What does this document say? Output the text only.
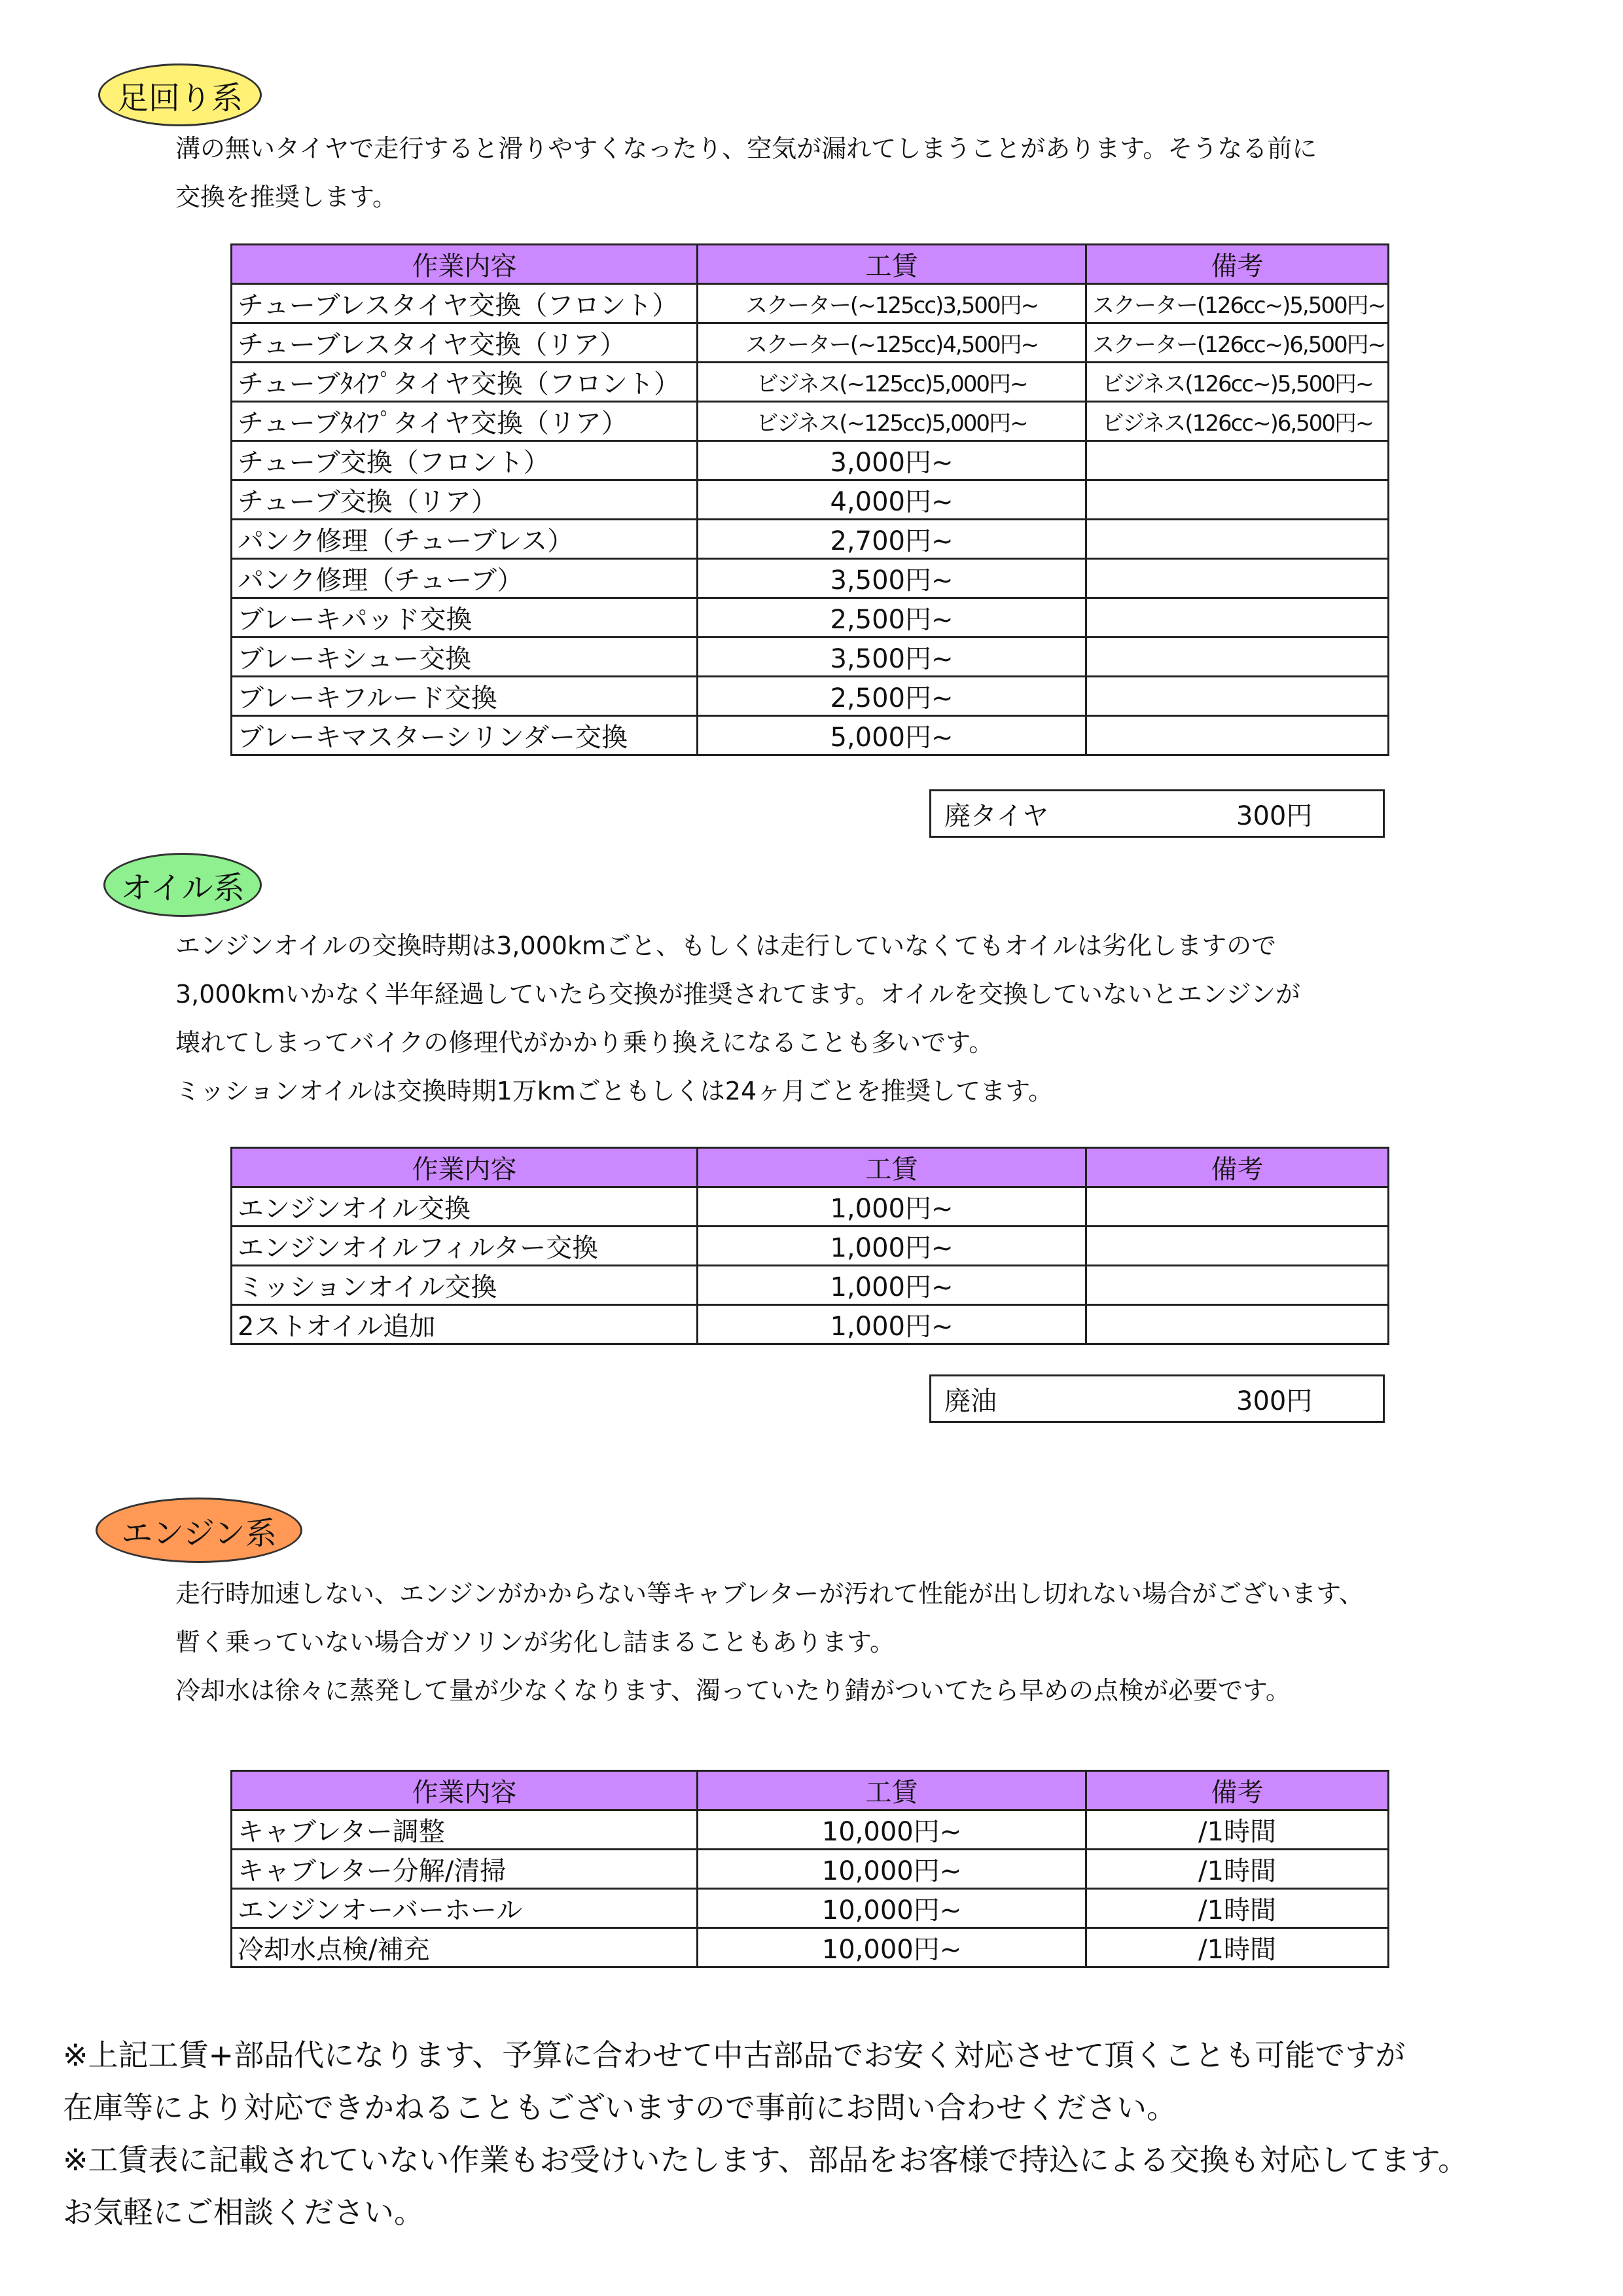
足回り系
溝の無いタイヤで走行すると滑りやすくなったり、空気が漏れてしまうことがあります。そうなる前に
交換を推奨します。
作業内容	工賃	備考
チューブレスタイヤ交換（フロント）	スクーター(~125cc)3,500円~	スクーター(126cc~)5,500円~
チューブレスタイヤ交換（リア）	スクーター(~125cc)4,500円~	スクーター(126cc~)6,500円~
チューブﾀｲﾌﾟタイヤ交換（フロント）	ビジネス(~125cc)5,000円~	ビジネス(126cc~)5,500円~
チューブﾀｲﾌﾟタイヤ交換（リア）	ビジネス(~125cc)5,000円~	ビジネス(126cc~)6,500円~
チューブ交換（フロント）	3,000円~	
チューブ交換（リア）	4,000円~	
パンク修理（チューブレス）	2,700円~	
パンク修理（チューブ）	3,500円~	
ブレーキパッド交換	2,500円~	
ブレーキシュー交換	3,500円~	
ブレーキフルード交換	2,500円~	
ブレーキマスターシリンダー交換	5,000円~	
廃タイヤ	300円
オイル系
エンジンオイルの交換時期は3,000kmごと、もしくは走行していなくてもオイルは劣化しますので
3,000kmいかなく半年経過していたら交換が推奨されてます。オイルを交換していないとエンジンが
壊れてしまってバイクの修理代がかかり乗り換えになることも多いです。
ミッションオイルは交換時期1万kmごともしくは24ヶ月ごとを推奨してます。
作業内容	工賃	備考
エンジンオイル交換	1,000円~	
エンジンオイルフィルター交換	1,000円~	
ミッションオイル交換	1,000円~	
2ストオイル追加	1,000円~	
廃油	300円
エンジン系
走行時加速しない、エンジンがかからない等キャブレターが汚れて性能が出し切れない場合がございます、
暫く乗っていない場合ガソリンが劣化し詰まることもあります。
冷却水は徐々に蒸発して量が少なくなります、濁っていたり錆がついてたら早めの点検が必要です。
作業内容	工賃	備考
キャブレター調整	10,000円~	/1時間
キャブレター分解/清掃	10,000円~	/1時間
エンジンオーバーホール	10,000円~	/1時間
冷却水点検/補充	10,000円~	/1時間
※上記工賃+部品代になります、予算に合わせて中古部品でお安く対応させて頂くことも可能ですが
在庫等により対応できかねることもございますので事前にお問い合わせください。
※工賃表に記載されていない作業もお受けいたします、部品をお客様で持込による交換も対応してます。
お気軽にご相談ください。
